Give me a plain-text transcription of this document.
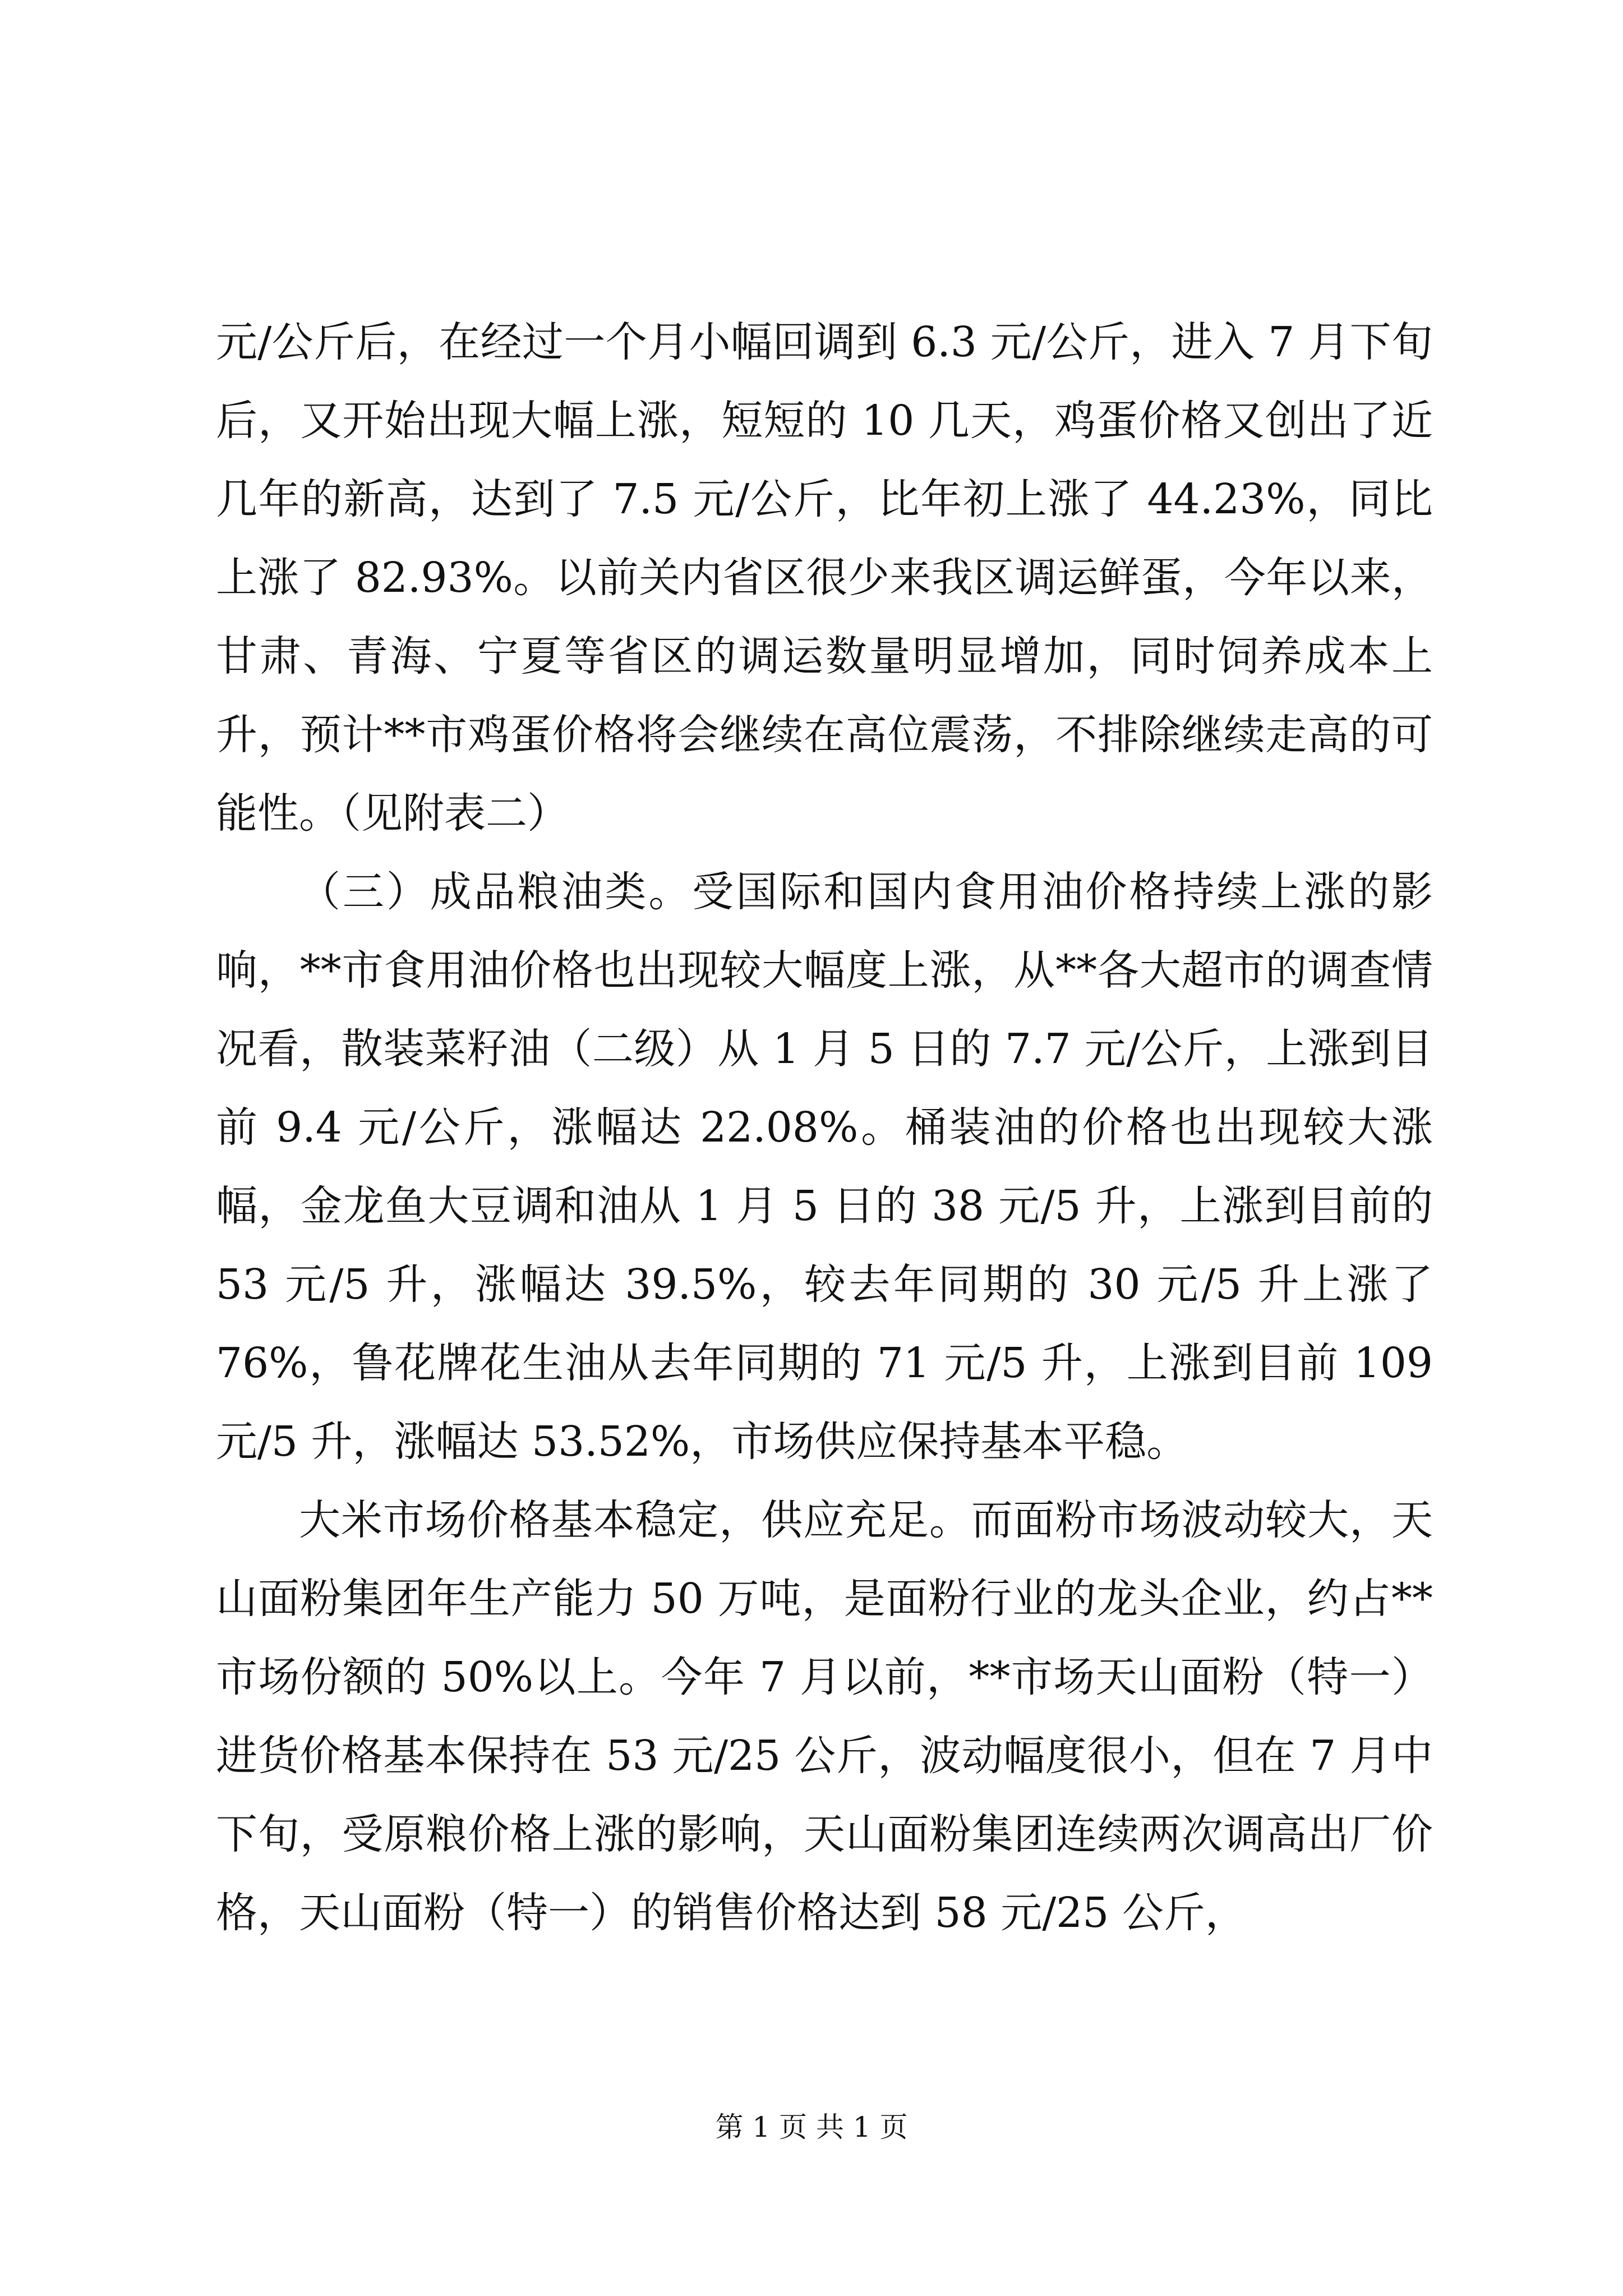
元/公斤后，在经过一个月小幅回调到 6.3 元/公斤，进入 7 月下旬后，又开始出现大幅上涨，短短的 10 几天，鸡蛋价格又创出了近几年的新高，达到了 7.5 元/公斤，比年初上涨了 44.23%，同比上涨了 82.93%。以前关内省区很少来我区调运鲜蛋，今年以来，甘肃、青海、宁夏等省区的调运数量明显增加，同时饲养成本上升，预计**市鸡蛋价格将会继续在高位震荡，不排除继续走高的可能性。（见附表二）

（三）成品粮油类。受国际和国内食用油价格持续上涨的影响，**市食用油价格也出现较大幅度上涨，从**各大超市的调查情况看，散装菜籽油（二级）从 1 月 5 日的 7.7 元/公斤，上涨到目前 9.4 元/公斤，涨幅达 22.08%。桶装油的价格也出现较大涨幅，金龙鱼大豆调和油从 1 月 5 日的 38 元/5 升，上涨到目前的 53 元/5 升，涨幅达 39.5%，较去年同期的 30 元/5 升上涨了 76%，鲁花牌花生油从去年同期的 71 元/5 升，上涨到目前 109 元/5 升，涨幅达 53.52%，市场供应保持基本平稳。

大米市场价格基本稳定，供应充足。而面粉市场波动较大，天山面粉集团年生产能力 50 万吨，是面粉行业的龙头企业，约占**市场份额的 50%以上。今年 7 月以前，**市场天山面粉（特一）进货价格基本保持在 53 元/25 公斤，波动幅度很小，但在 7 月中下旬，受原粮价格上涨的影响，天山面粉集团连续两次调高出厂价格，天山面粉（特一）的销售价格达到 58 元/25 公斤，

第 1 页 共 1 页
